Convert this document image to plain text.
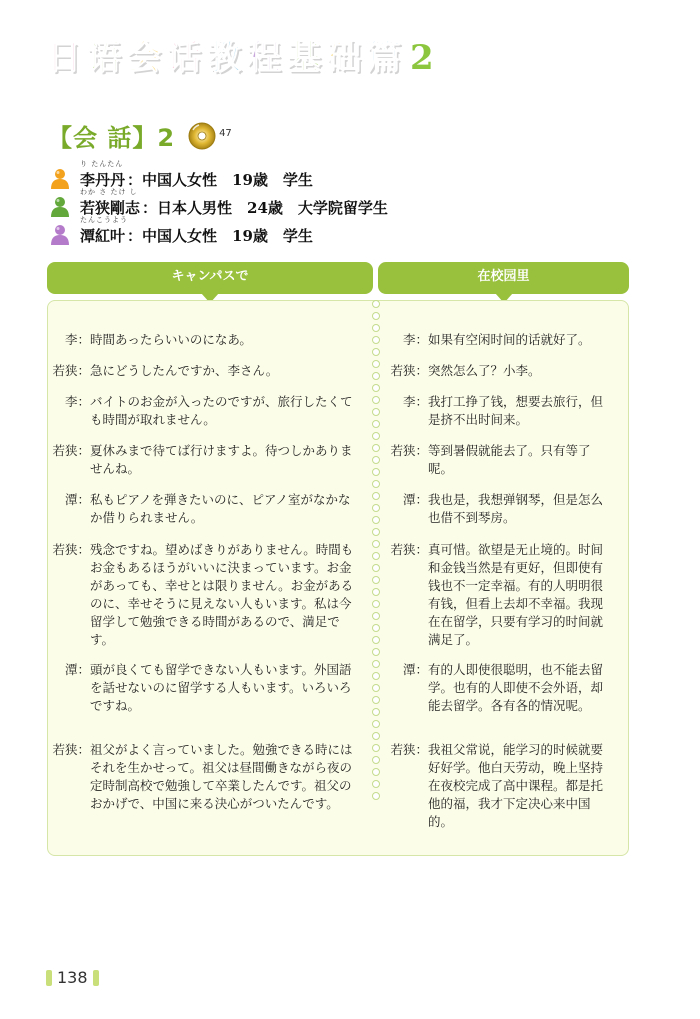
日 语 会 话 教 程 基 础 篇 2
【会 話】2	47
り たんたん
李丹丹 ：中国人女性　19歳　学生
わか さ たけ し
若狭剛志 ：日本人男性　24歳　大学院留学生
たんこうよう
潭紅叶 ：中国人女性　19歳　学生
キャンパスで	在校园里
李： 時間あったらいいのになあ。
若狭： 急にどうしたんですか、李さん。
李： バイトのお金が入ったのですが、旅行したくても時間が取れません。
若狭： 夏休みまで待てば行けますよ。待つしかありませんね。
潭： 私もピアノを弾きたいのに、ピアノ室がなかなか借りられません。
若狭： 残念ですね。望めばきりがありません。時間もお金もあるほうがいいに決まっています。お金があっても、幸せとは限りません。お金があるのに、幸せそうに見えない人もいます。私は今留学して勉強できる時間があるので、満足です。
潭： 頭が良くても留学できない人もいます。外国語を話せないのに留学する人もいます。いろいろですね。
若狭： 祖父がよく言っていました。勉強できる時にはそれを生かせって。祖父は昼間働きながら夜の定時制高校で勉強して卒業したんです。祖父のおかげで、中国に来る決心がついたんです。
李： 如果有空闲时间的话就好了。
若狭： 突然怎么了？小李。
李： 我打工挣了钱，想要去旅行，但是挤不出时间来。
若狭： 等到暑假就能去了。只有等了呢。
潭： 我也是，我想弹钢琴，但是怎么也借不到琴房。
若狭： 真可惜。欲望是无止境的。时间和金钱当然是有更好，但即使有钱也不一定幸福。有的人明明很有钱，但看上去却不幸福。我现在在留学，只要有学习的时间就满足了。
潭： 有的人即使很聪明，也不能去留学。也有的人即使不会外语，却能去留学。各有各的情况呢。
若狭： 我祖父常说，能学习的时候就要好好学。他白天劳动，晚上坚持在夜校完成了高中课程。都是托他的福，我才下定决心来中国的。
138
